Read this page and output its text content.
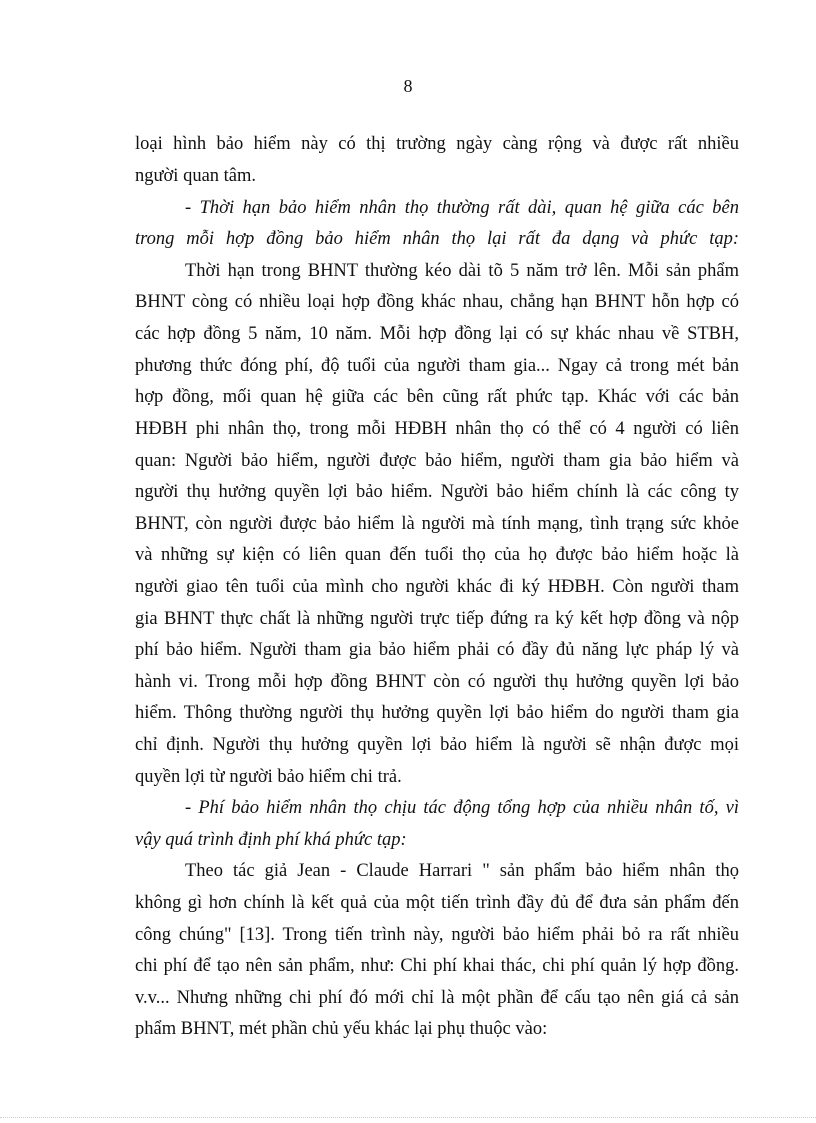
8
loại hình bảo hiểm này có thị trường ngày càng rộng và được rất nhiều
người quan tâm.
- Thời hạn bảo hiểm nhân thọ thường rất dài, quan hệ giữa các bên
trong mỗi hợp đồng bảo hiểm nhân thọ lại rất đa dạng và phức tạp:
Thời hạn trong BHNT thường kéo dài tõ 5 năm trở lên. Mỗi sản phẩm
BHNT còng có nhiều loại hợp đồng khác nhau, chẳng hạn BHNT hỗn hợp có
các hợp đồng 5 năm, 10 năm. Mỗi hợp đồng lại có sự khác nhau về STBH,
phương thức đóng phí, độ tuổi của người tham gia... Ngay cả trong mét bản
hợp đồng, mối quan hệ giữa các bên cũng rất phức tạp. Khác với các bản
HĐBH phi nhân thọ, trong mỗi HĐBH nhân thọ có thể có 4 người có liên
quan: Người bảo hiểm, người được bảo hiểm, người tham gia bảo hiểm và
người thụ hưởng quyền lợi bảo hiểm. Người bảo hiểm chính là các công ty
BHNT, còn người được bảo hiểm là người mà tính mạng, tình trạng sức khỏe
và những sự kiện có liên quan đến tuổi thọ của họ được bảo hiểm hoặc là
người giao tên tuổi của mình cho người khác đi ký HĐBH. Còn người tham
gia BHNT thực chất là những người trực tiếp đứng ra ký kết hợp đồng và nộp
phí bảo hiểm. Người tham gia bảo hiểm phải có đầy đủ năng lực pháp lý và
hành vi. Trong mỗi hợp đồng BHNT còn có người thụ hưởng quyền lợi bảo
hiểm. Thông thường người thụ hưởng quyền lợi bảo hiểm do người tham gia
chỉ định. Người thụ hưởng quyền lợi bảo hiểm là người sẽ nhận được mọi
quyền lợi từ người bảo hiểm chi trả.
- Phí bảo hiểm nhân thọ chịu tác động tổng hợp của nhiều nhân tố, vì
vậy quá trình định phí khá phức tạp:
Theo tác giả Jean - Claude Harrari " sản phẩm bảo hiểm nhân thọ
không gì hơn chính là kết quả của một tiến trình đầy đủ để đưa sản phẩm đến
công chúng" [13]. Trong tiến trình này, người bảo hiểm phải bỏ ra rất nhiều
chi phí để tạo nên sản phẩm, như: Chi phí khai thác, chi phí quản lý hợp đồng.
v.v... Nhưng những chi phí đó mới chỉ là một phần để cấu tạo nên giá cả sản
phẩm BHNT, mét phần chủ yếu khác lại phụ thuộc vào:
